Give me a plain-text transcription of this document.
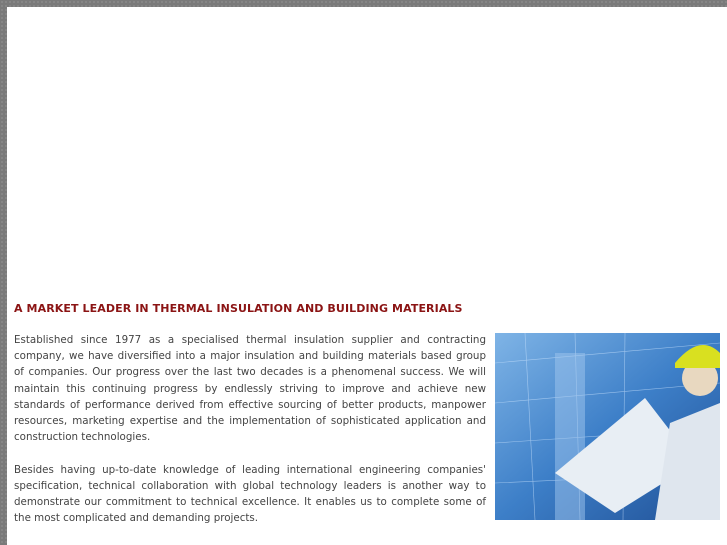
A MARKET LEADER IN THERMAL INSULATION AND BUILDING MATERIALS

Established since 1977 as a specialised thermal insulation supplier and contracting company, we have diversified into a major insulation and building materials based group of companies. Our progress over the last two decades is a phenomenal success. We will maintain this continuing progress by endlessly striving to improve and achieve new standards of performance derived from effective sourcing of better products, manpower resources, marketing expertise and the implementation of sophisticated application and construction technologies.

Besides having up-to-date knowledge of leading international engineering companies' specification, technical collaboration with global technology leaders is another way to demonstrate our commitment to technical excellence. It enables us to complete some of the most complicated and demanding projects.
